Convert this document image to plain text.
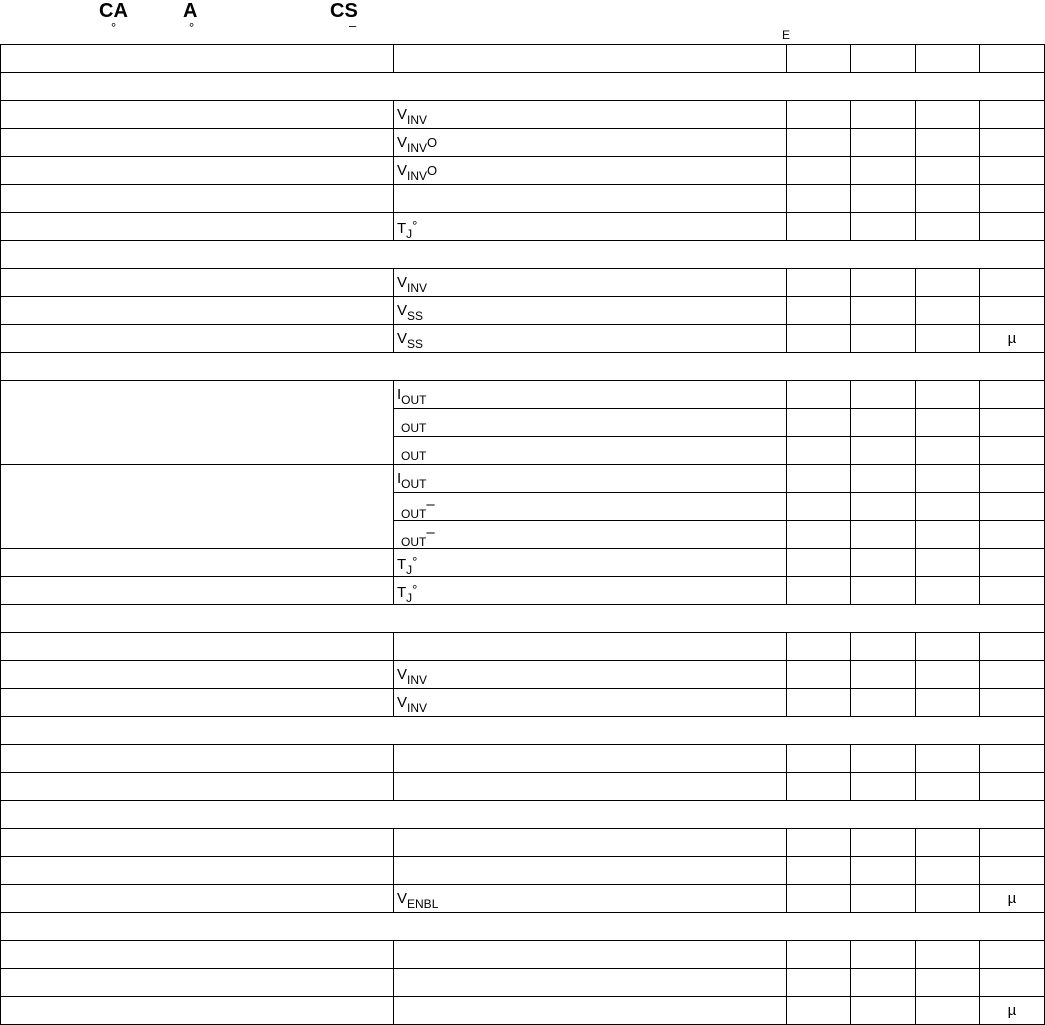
CA
°
A
°
CS
–
E

	$V_{INV}$				
	$V_{INV}O$				
	$V_{INV}O$				

	$T_J^\circ$				

	$V_{INV}$				
	$V_{SS}$				
	$V_{SS}$				µ

	$I_{OUT}$				
	$_{OUT}$				
	$_{OUT}$				
	$I_{OUT}$				
	$_{OUT}$–				
	$_{OUT}$–				
	$T_J^\circ$				
	$T_J^\circ$				

	$V_{INV}$				
	$V_{INV}$				

	$V_{ENBL}$				µ

					µ
